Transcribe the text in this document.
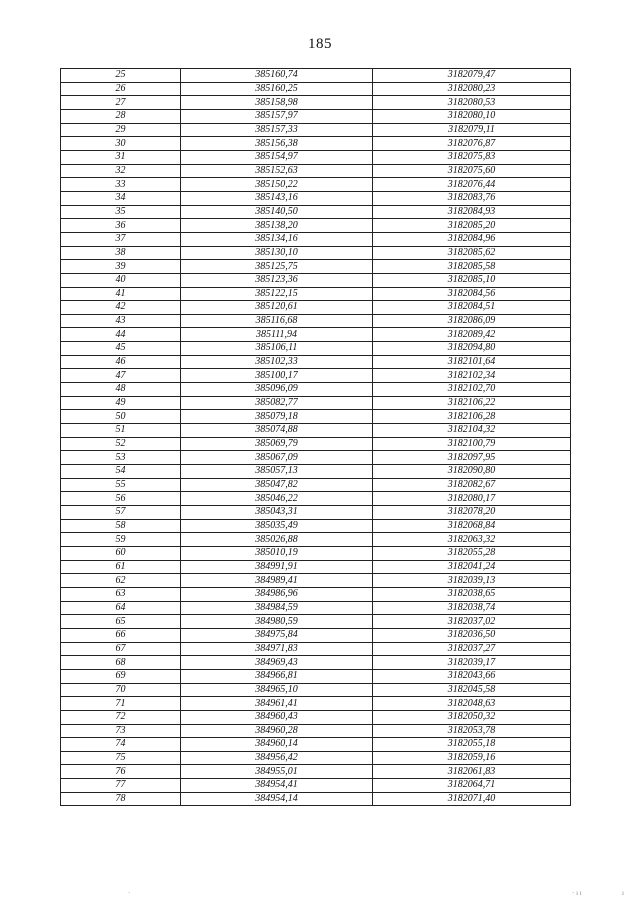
185
25	385160,74	3182079,47
26	385160,25	3182080,23
27	385158,98	3182080,53
28	385157,97	3182080,10
29	385157,33	3182079,11
30	385156,38	3182076,87
31	385154,97	3182075,83
32	385152,63	3182075,60
33	385150,22	3182076,44
34	385143,16	3182083,76
35	385140,50	3182084,93
36	385138,20	3182085,20
37	385134,16	3182084,96
38	385130,10	3182085,62
39	385125,75	3182085,58
40	385123,36	3182085,10
41	385122,15	3182084,56
42	385120,61	3182084,51
43	385116,68	3182086,09
44	385111,94	3182089,42
45	385106,11	3182094,80
46	385102,33	3182101,64
47	385100,17	3182102,34
48	385096,09	3182102,70
49	385082,77	3182106,22
50	385079,18	3182106,28
51	385074,88	3182104,32
52	385069,79	3182100,79
53	385067,09	3182097,95
54	385057,13	3182090,80
55	385047,82	3182082,67
56	385046,22	3182080,17
57	385043,31	3182078,20
58	385035,49	3182068,84
59	385026,88	3182063,32
60	385010,19	3182055,28
61	384991,91	3182041,24
62	384989,41	3182039,13
63	384986,96	3182038,65
64	384984,59	3182038,74
65	384980,59	3182037,02
66	384975,84	3182036,50
67	384971,83	3182037,27
68	384969,43	3182039,17
69	384966,81	3182043,66
70	384965,10	3182045,58
71	384961,41	3182048,63
72	384960,43	3182050,32
73	384960,28	3182053,78
74	384960,14	3182055,18
75	384956,42	3182059,16
76	384955,01	3182061,83
77	384954,41	3182064,71
78	384954,14	3182071,40
·	· ı ı	ı
